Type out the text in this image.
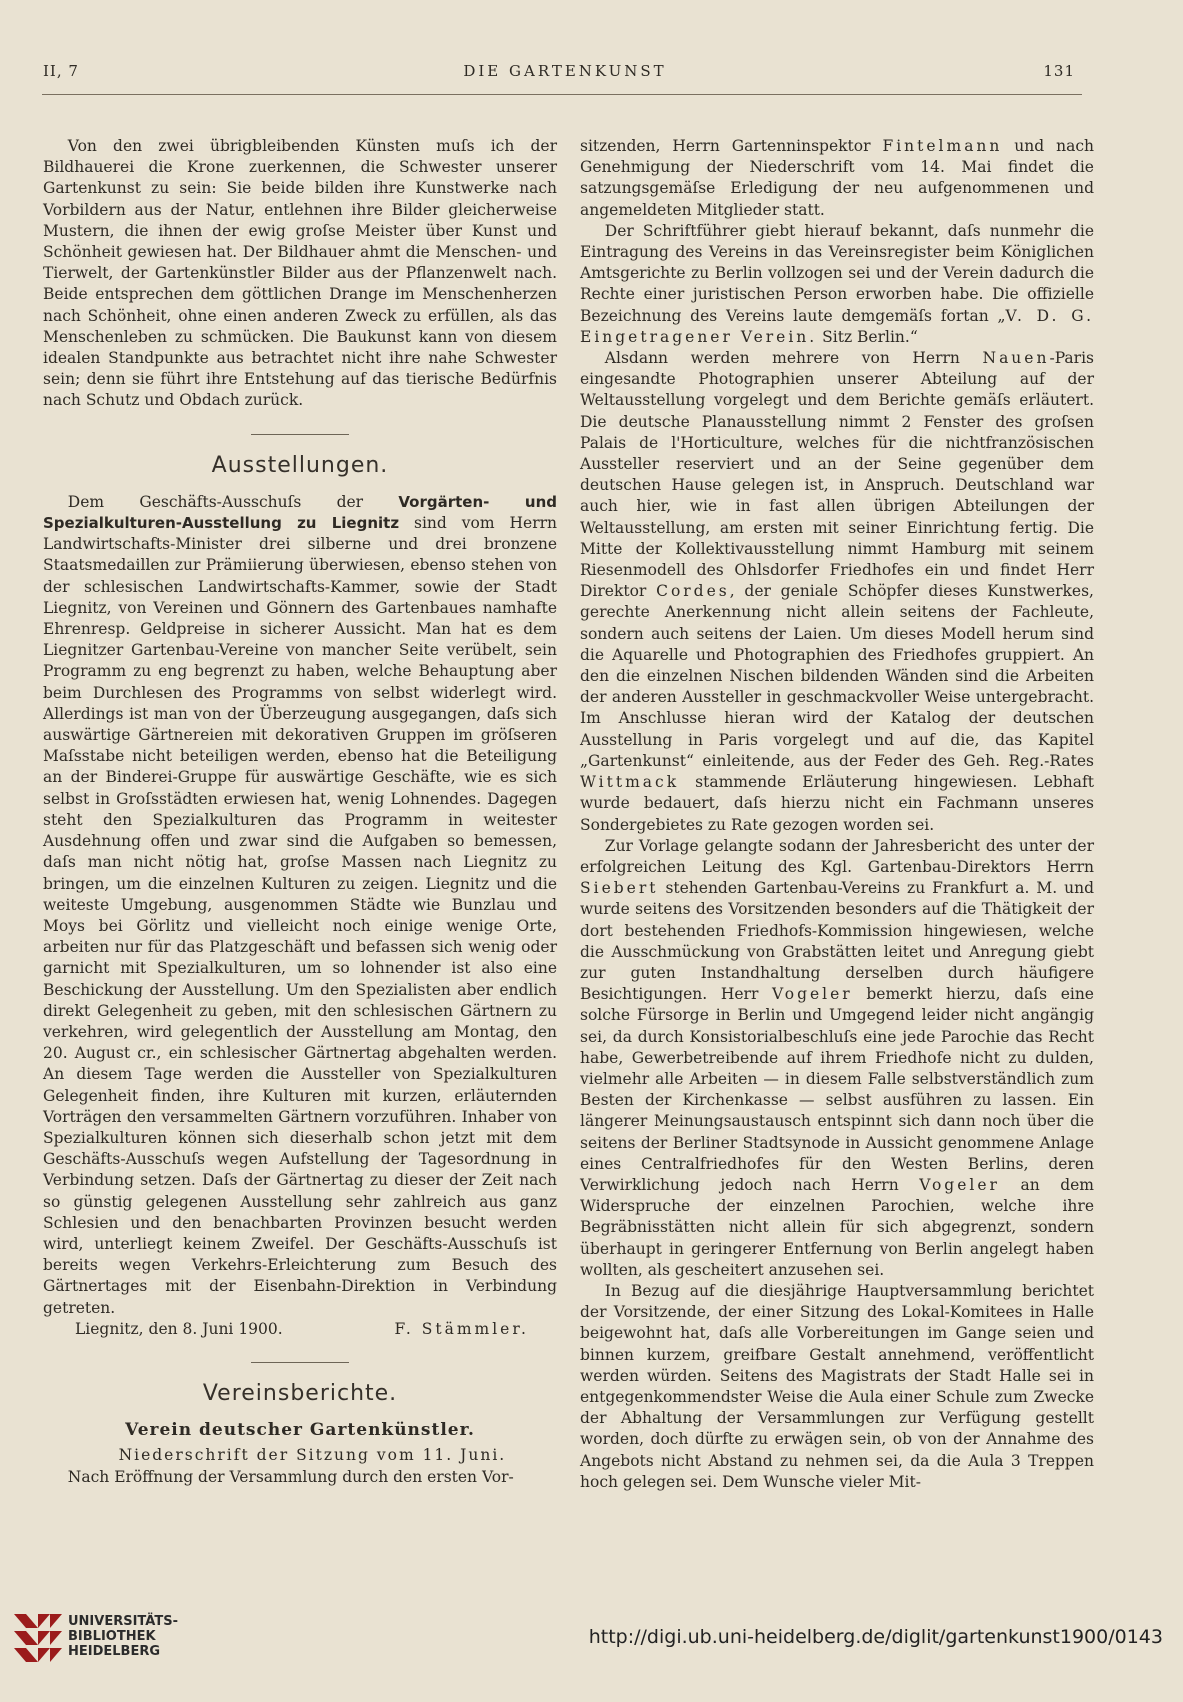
II, 7	DIE GARTENKUNST	131

Von den zwei übrigbleibenden Künsten muſs ich der Bildhauerei die Krone zuerkennen, die Schwester unserer Gartenkunst zu sein: Sie beide bilden ihre Kunstwerke nach Vorbildern aus der Natur, entlehnen ihre Bilder gleicherweise Mustern, die ihnen der ewig groſse Meister über Kunst und Schönheit gewiesen hat. Der Bildhauer ahmt die Menschen- und Tierwelt, der Gartenkünstler Bilder aus der Pflanzenwelt nach. Beide entsprechen dem göttlichen Drange im Menschenherzen nach Schönheit, ohne einen anderen Zweck zu erfüllen, als das Menschenleben zu schmücken. Die Baukunst kann von diesem idealen Standpunkte aus betrachtet nicht ihre nahe Schwester sein; denn sie führt ihre Entstehung auf das tierische Bedürfnis nach Schutz und Obdach zurück.

Ausstellungen.

Dem Geschäfts-Ausschuſs der Vorgärten- und Spezialkulturen-Ausstellung zu Liegnitz sind vom Herrn Landwirtschafts-Minister drei silberne und drei bronzene Staatsmedaillen zur Prämiierung überwiesen, ebenso stehen von der schlesischen Landwirtschafts-Kammer, sowie der Stadt Liegnitz, von Vereinen und Gönnern des Gartenbaues namhafte Ehrenresp. Geldpreise in sicherer Aussicht. Man hat es dem Liegnitzer Gartenbau-Vereine von mancher Seite verübelt, sein Programm zu eng begrenzt zu haben, welche Behauptung aber beim Durchlesen des Programms von selbst widerlegt wird. Allerdings ist man von der Überzeugung ausgegangen, daſs sich auswärtige Gärtnereien mit dekorativen Gruppen im gröſseren Maſsstabe nicht beteiligen werden, ebenso hat die Beteiligung an der Binderei-Gruppe für auswärtige Geschäfte, wie es sich selbst in Groſsstädten erwiesen hat, wenig Lohnendes. Dagegen steht den Spezialkulturen das Programm in weitester Ausdehnung offen und zwar sind die Aufgaben so bemessen, daſs man nicht nötig hat, groſse Massen nach Liegnitz zu bringen, um die einzelnen Kulturen zu zeigen. Liegnitz und die weiteste Umgebung, ausgenommen Städte wie Bunzlau und Moys bei Görlitz und vielleicht noch einige wenige Orte, arbeiten nur für das Platzgeschäft und befassen sich wenig oder garnicht mit Spezialkulturen, um so lohnender ist also eine Beschickung der Ausstellung. Um den Spezialisten aber endlich direkt Gelegenheit zu geben, mit den schlesischen Gärtnern zu verkehren, wird gelegentlich der Ausstellung am Montag, den 20. August cr., ein schlesischer Gärtnertag abgehalten werden. An diesem Tage werden die Aussteller von Spezialkulturen Gelegenheit finden, ihre Kulturen mit kurzen, erläuternden Vorträgen den versammelten Gärtnern vorzuführen. Inhaber von Spezialkulturen können sich dieserhalb schon jetzt mit dem Geschäfts-Ausschuſs wegen Aufstellung der Tagesordnung in Verbindung setzen. Daſs der Gärtnertag zu dieser der Zeit nach so günstig gelegenen Ausstellung sehr zahlreich aus ganz Schlesien und den benachbarten Provinzen besucht werden wird, unterliegt keinem Zweifel. Der Geschäfts-Ausschuſs ist bereits wegen Verkehrs-Erleichterung zum Besuch des Gärtnertages mit der Eisenbahn-Direktion in Verbindung getreten.

Liegnitz, den 8. Juni 1900.	F. Stämmler.

Vereinsberichte.
Verein deutscher Gartenkünstler.

Niederschrift der Sitzung vom 11. Juni.

Nach Eröffnung der Versammlung durch den ersten Vor-

sitzenden, Herrn Gartenninspektor Fintelmann und nach Genehmigung der Niederschrift vom 14. Mai findet die satzungsgemäſse Erledigung der neu aufgenommenen und angemeldeten Mitglieder statt.

Der Schriftführer giebt hierauf bekannt, daſs nunmehr die Eintragung des Vereins in das Vereinsregister beim Königlichen Amtsgerichte zu Berlin vollzogen sei und der Verein dadurch die Rechte einer juristischen Person erworben habe. Die offizielle Bezeichnung des Vereins laute demgemäſs fortan „V. D. G. Eingetragener Verein. Sitz Berlin.“

Alsdann werden mehrere von Herrn Nauen-Paris eingesandte Photographien unserer Abteilung auf der Weltausstellung vorgelegt und dem Berichte gemäſs erläutert. Die deutsche Planausstellung nimmt 2 Fenster des groſsen Palais de l'Horticulture, welches für die nichtfranzösischen Aussteller reserviert und an der Seine gegenüber dem deutschen Hause gelegen ist, in Anspruch. Deutschland war auch hier, wie in fast allen übrigen Abteilungen der Weltausstellung, am ersten mit seiner Einrichtung fertig. Die Mitte der Kollektivausstellung nimmt Hamburg mit seinem Riesenmodell des Ohlsdorfer Friedhofes ein und findet Herr Direktor Cordes, der geniale Schöpfer dieses Kunstwerkes, gerechte Anerkennung nicht allein seitens der Fachleute, sondern auch seitens der Laien. Um dieses Modell herum sind die Aquarelle und Photographien des Friedhofes gruppiert. An den die einzelnen Nischen bildenden Wänden sind die Arbeiten der anderen Aussteller in geschmackvoller Weise untergebracht. Im Anschlusse hieran wird der Katalog der deutschen Ausstellung in Paris vorgelegt und auf die, das Kapitel „Gartenkunst“ einleitende, aus der Feder des Geh. Reg.-Rates Wittmack stammende Erläuterung hingewiesen. Lebhaft wurde bedauert, daſs hierzu nicht ein Fachmann unseres Sondergebietes zu Rate gezogen worden sei.

Zur Vorlage gelangte sodann der Jahresbericht des unter der erfolgreichen Leitung des Kgl. Gartenbau-Direktors Herrn Siebert stehenden Gartenbau-Vereins zu Frankfurt a. M. und wurde seitens des Vorsitzenden besonders auf die Thätigkeit der dort bestehenden Friedhofs-Kommission hingewiesen, welche die Ausschmückung von Grabstätten leitet und Anregung giebt zur guten Instandhaltung derselben durch häufigere Besichtigungen. Herr Vogeler bemerkt hierzu, daſs eine solche Fürsorge in Berlin und Umgegend leider nicht angängig sei, da durch Konsistorialbeschluſs eine jede Parochie das Recht habe, Gewerbetreibende auf ihrem Friedhofe nicht zu dulden, vielmehr alle Arbeiten — in diesem Falle selbstverständlich zum Besten der Kirchenkasse — selbst ausführen zu lassen. Ein längerer Meinungsaustausch entspinnt sich dann noch über die seitens der Berliner Stadtsynode in Aussicht genommene Anlage eines Centralfriedhofes für den Westen Berlins, deren Verwirklichung jedoch nach Herrn Vogeler an dem Widerspruche der einzelnen Parochien, welche ihre Begräbnisstätten nicht allein für sich abgegrenzt, sondern überhaupt in geringerer Entfernung von Berlin angelegt haben wollten, als gescheitert anzusehen sei.

In Bezug auf die diesjährige Hauptversammlung berichtet der Vorsitzende, der einer Sitzung des Lokal-Komitees in Halle beigewohnt hat, daſs alle Vorbereitungen im Gange seien und binnen kurzem, greifbare Gestalt annehmend, veröffentlicht werden würden. Seitens des Magistrats der Stadt Halle sei in entgegenkommendster Weise die Aula einer Schule zum Zwecke der Abhaltung der Versammlungen zur Verfügung gestellt worden, doch dürfte zu erwägen sein, ob von der Annahme des Angebots nicht Abstand zu nehmen sei, da die Aula 3 Treppen hoch gelegen sei. Dem Wunsche vieler Mit-

UNIVERSITÄTS-
BIBLIOTHEK
HEIDELBERG
http://digi.ub.uni-heidelberg.de/diglit/gartenkunst1900/0143
